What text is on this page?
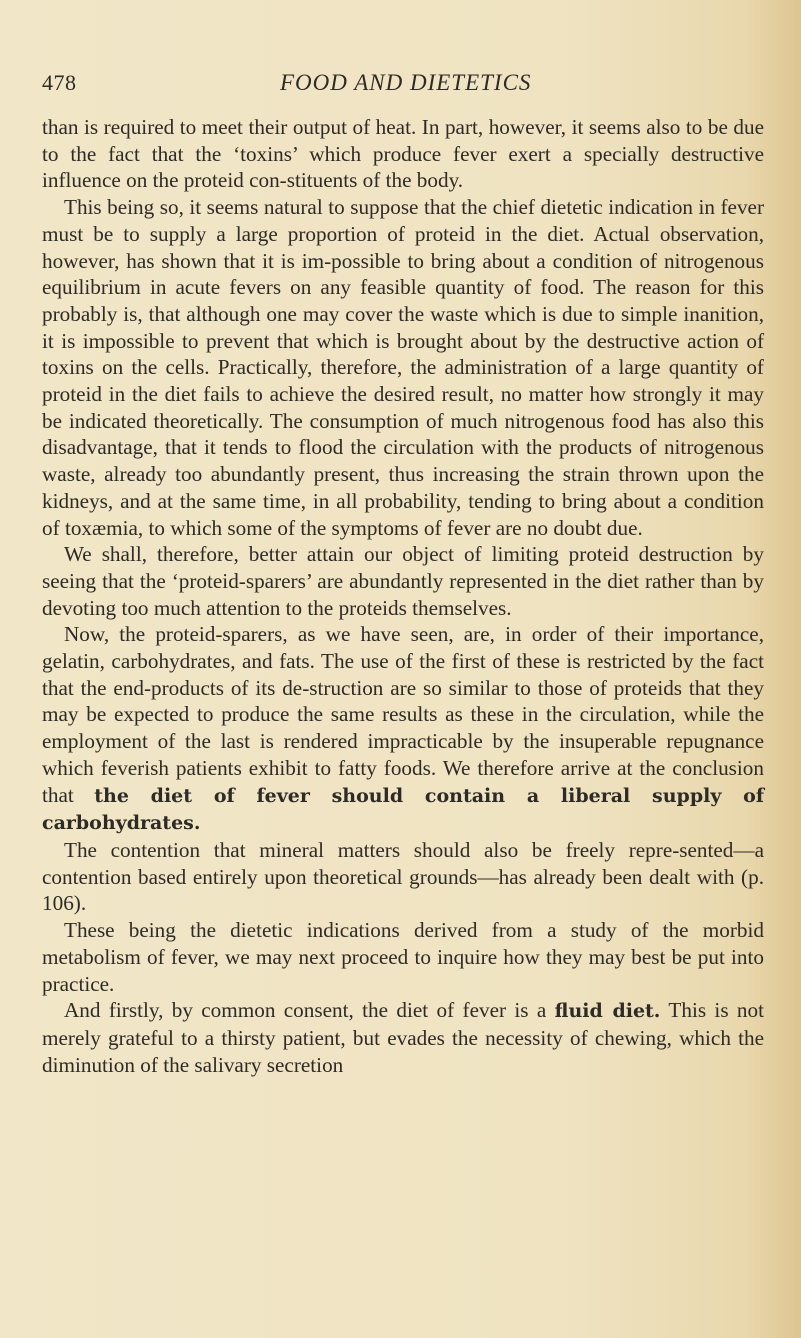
478	FOOD AND DIETETICS

than is required to meet their output of heat. In part, however, it seems also to be due to the fact that the ‘toxins’ which produce fever exert a specially destructive influence on the proteid con-stituents of the body.

This being so, it seems natural to suppose that the chief dietetic indication in fever must be to supply a large proportion of proteid in the diet. Actual observation, however, has shown that it is im-possible to bring about a condition of nitrogenous equilibrium in acute fevers on any feasible quantity of food. The reason for this probably is, that although one may cover the waste which is due to simple inanition, it is impossible to prevent that which is brought about by the destructive action of toxins on the cells. Practically, therefore, the administration of a large quantity of proteid in the diet fails to achieve the desired result, no matter how strongly it may be indicated theoretically. The consumption of much nitrogenous food has also this disadvantage, that it tends to flood the circulation with the products of nitrogenous waste, already too abundantly present, thus increasing the strain thrown upon the kidneys, and at the same time, in all probability, tending to bring about a condition of toxæmia, to which some of the symptoms of fever are no doubt due.

We shall, therefore, better attain our object of limiting proteid destruction by seeing that the ‘proteid-sparers’ are abundantly represented in the diet rather than by devoting too much attention to the proteids themselves.

Now, the proteid-sparers, as we have seen, are, in order of their importance, gelatin, carbohydrates, and fats. The use of the first of these is restricted by the fact that the end-products of its de-struction are so similar to those of proteids that they may be expected to produce the same results as these in the circulation, while the employment of the last is rendered impracticable by the insuperable repugnance which feverish patients exhibit to fatty foods. We therefore arrive at the conclusion that the diet of fever should contain a liberal supply of carbohydrates.

The contention that mineral matters should also be freely repre-sented—a contention based entirely upon theoretical grounds—has already been dealt with (p. 106).

These being the dietetic indications derived from a study of the morbid metabolism of fever, we may next proceed to inquire how they may best be put into practice.

And firstly, by common consent, the diet of fever is a fluid diet. This is not merely grateful to a thirsty patient, but evades the necessity of chewing, which the diminution of the salivary secretion
